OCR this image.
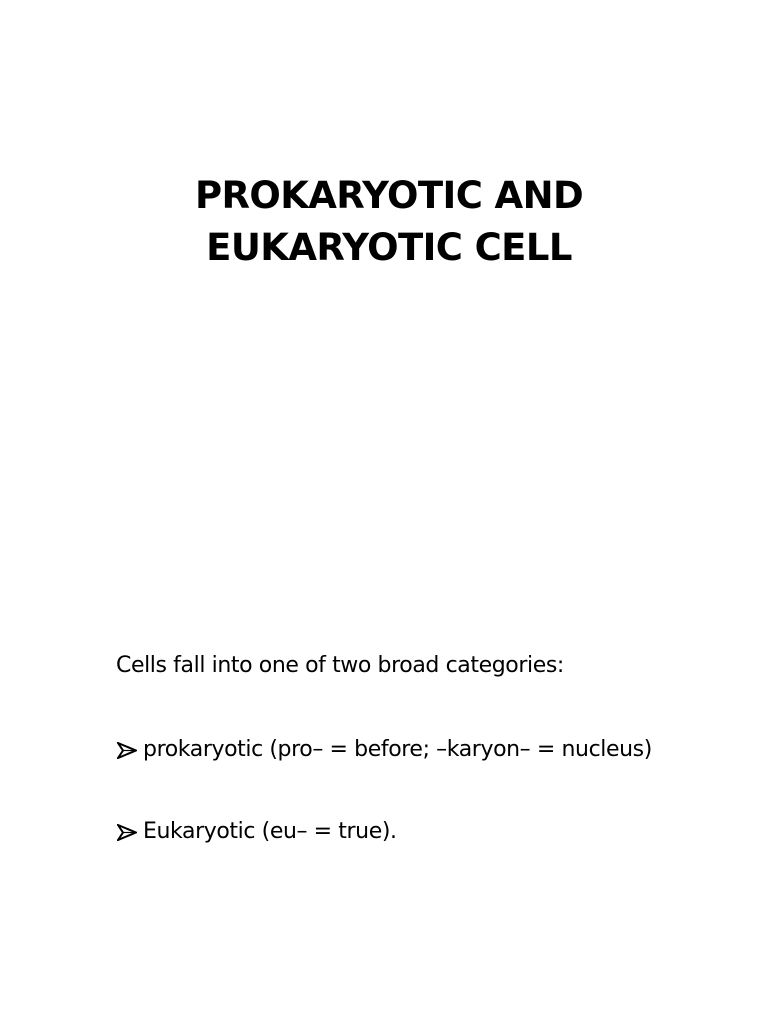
PROKARYOTIC AND
EUKARYOTIC CELL

Cells fall into one of two broad categories:

prokaryotic (pro– = before; –karyon– = nucleus)
Eukaryotic (eu– = true).
